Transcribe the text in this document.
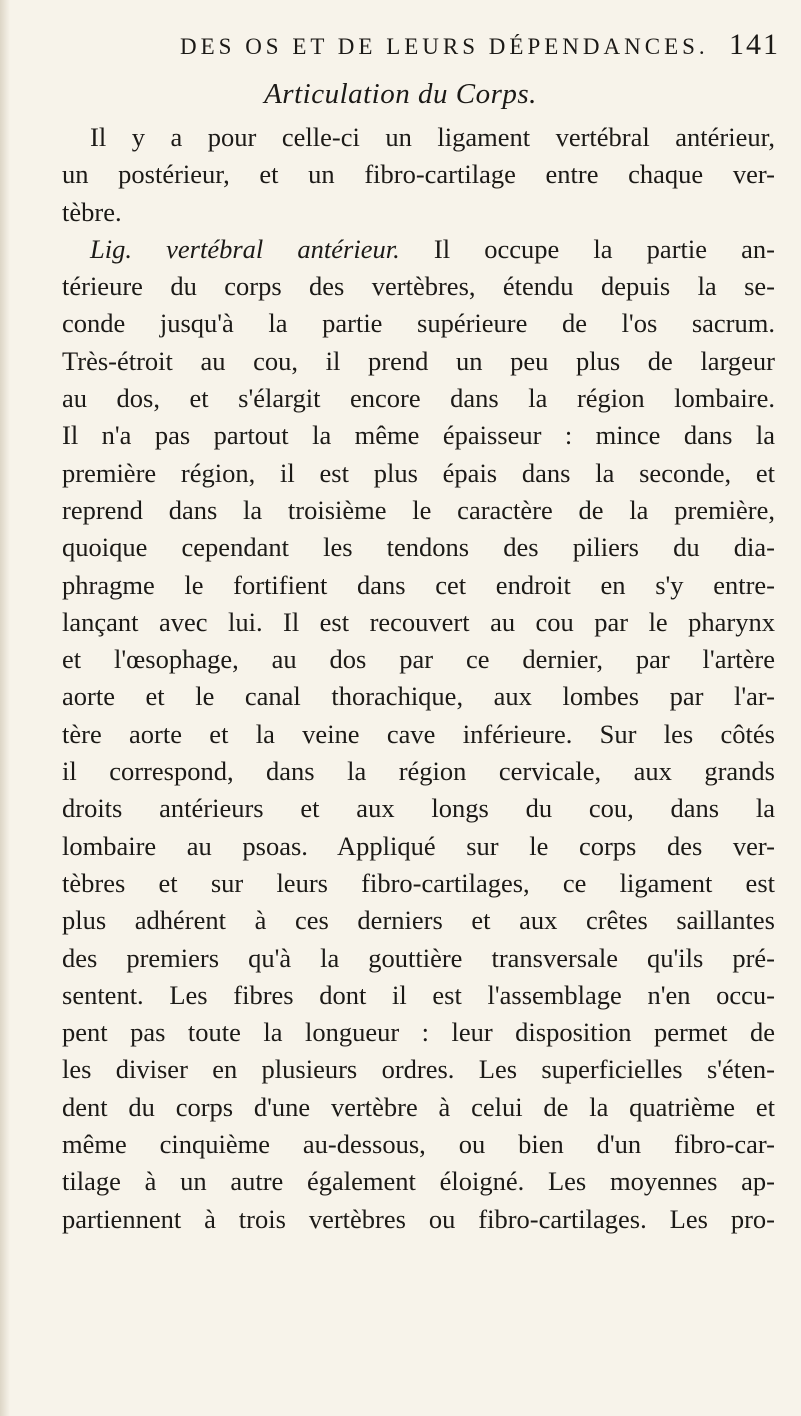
DES OS ET DE LEURS DÉPENDANCES. 141
Articulation du Corps.
Il y a pour celle-ci un ligament vertébral antérieur,
un postérieur, et un fibro-cartilage entre chaque ver-
tèbre.
Lig. vertébral antérieur. Il occupe la partie an-
térieure du corps des vertèbres, étendu depuis la se-
conde jusqu'à la partie supérieure de l'os sacrum.
Très-étroit au cou, il prend un peu plus de largeur
au dos, et s'élargit encore dans la région lombaire.
Il n'a pas partout la même épaisseur : mince dans la
première région, il est plus épais dans la seconde, et
reprend dans la troisième le caractère de la première,
quoique cependant les tendons des piliers du dia-
phragme le fortifient dans cet endroit en s'y entre-
lançant avec lui. Il est recouvert au cou par le pharynx
et l'œsophage, au dos par ce dernier, par l'artère
aorte et le canal thorachique, aux lombes par l'ar-
tère aorte et la veine cave inférieure. Sur les côtés
il correspond, dans la région cervicale, aux grands
droits antérieurs et aux longs du cou, dans la
lombaire au psoas. Appliqué sur le corps des ver-
tèbres et sur leurs fibro-cartilages, ce ligament est
plus adhérent à ces derniers et aux crêtes saillantes
des premiers qu'à la gouttière transversale qu'ils pré-
sentent. Les fibres dont il est l'assemblage n'en occu-
pent pas toute la longueur : leur disposition permet de
les diviser en plusieurs ordres. Les superficielles s'éten-
dent du corps d'une vertèbre à celui de la quatrième et
même cinquième au-dessous, ou bien d'un fibro-car-
tilage à un autre également éloigné. Les moyennes ap-
partiennent à trois vertèbres ou fibro-cartilages. Les pro-
